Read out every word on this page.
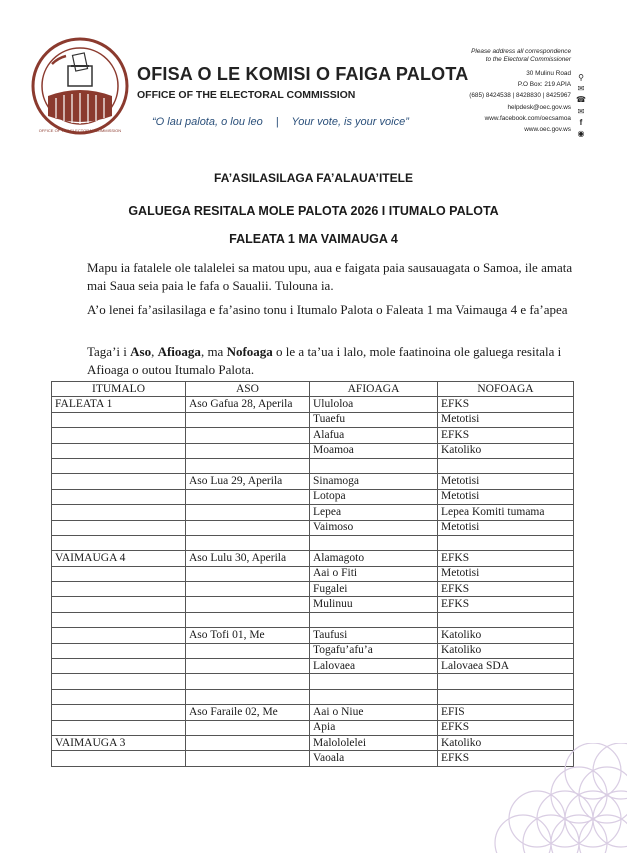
OFFICE OF THE ELECTORAL COMMISSION
OFISA O LE KOMISI O FAIGA PALOTA
OFFICE OF THE ELECTORAL COMMISSION
“O lau palota, o lou leo | Your vote, is your voice”
Please address all correspondence
to the Electoral Commissioner
30 Mulinu Road
P.O Box: 219 APIA
(685) 8424538 | 8428830 | 8425967
helpdesk@oec.gov.ws
www.facebook.com/oecsamoa
www.oec.gov.ws
⚲
✉
☎
✉
f
◉
FA’ASILASILAGA FA’ALAUA’ITELE
GALUEGA RESITALA MOLE PALOTA 2026 I ITUMALO PALOTA
FALEATA 1 MA VAIMAUGA 4
Mapu ia fatalele ole talalelei sa matou upu, aua e faigata paia sausauagata o Samoa, ile amata mai Saua seia paia le fafa o Saualii. Tulouna ia.
A’o lenei fa’asilasilaga e fa’asino tonu i Itumalo Palota o Faleata 1 ma Vaimauga 4 e fa’apea
Taga’i i Aso, Afioaga, ma Nofoaga o le a ta’ua i lalo, mole faatinoina ole galuega resitala i Afioaga o outou Itumalo Palota.
ITUMALO	ASO	AFIOAGA	NOFOAGA
FALEATA 1	Aso Gafua 28, Aperila	Ululoloa	EFKS
		Tuaefu	Metotisi
		Alafua	EFKS
		Moamoa	Katoliko

	Aso Lua 29, Aperila	Sinamoga	Metotisi
		Lotopa	Metotisi
		Lepea	Lepea Komiti tumama
		Vaimoso	Metotisi

VAIMAUGA 4	Aso Lulu 30, Aperila	Alamagoto	EFKS
		Aai o Fiti	Metotisi
		Fugalei	EFKS
		Mulinuu	EFKS

	Aso Tofi 01, Me	Taufusi	Katoliko
		Togafu’afu’a	Katoliko
		Lalovaea	Lalovaea SDA

	Aso Faraile 02, Me	Aai o Niue	EFIS
		Apia	EFKS
VAIMAUGA 3		Malololelei	Katoliko
		Vaoala	EFKS
